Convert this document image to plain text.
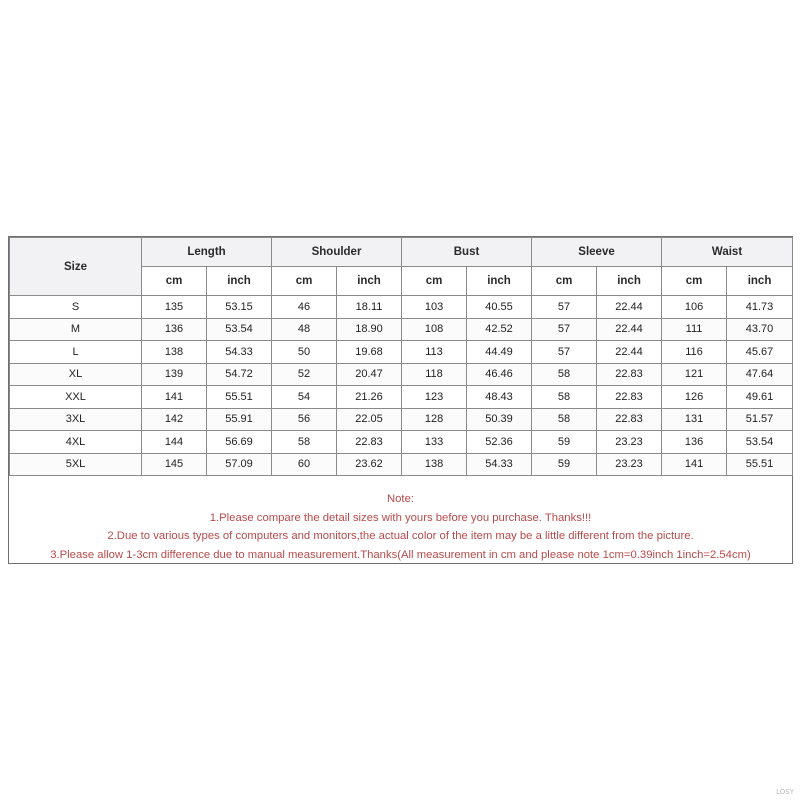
Size	Length		Shoulder		Bust		Sleeve		Waist	
	cm	inch	cm	inch	cm	inch	cm	inch	cm	inch
S	135	53.15	46	18.11	103	40.55	57	22.44	106	41.73
M	136	53.54	48	18.90	108	42.52	57	22.44	111	43.70
L	138	54.33	50	19.68	113	44.49	57	22.44	116	45.67
XL	139	54.72	52	20.47	118	46.46	58	22.83	121	47.64
XXL	141	55.51	54	21.26	123	48.43	58	22.83	126	49.61
3XL	142	55.91	56	22.05	128	50.39	58	22.83	131	51.57
4XL	144	56.69	58	22.83	133	52.36	59	23.23	136	53.54
5XL	145	57.09	60	23.62	138	54.33	59	23.23	141	55.51
Note:
1.Please compare the detail sizes with yours before you purchase. Thanks!!!
2.Due to various types of computers and monitors,the actual color of the item may be a little different from the picture.
3.Please allow 1-3cm difference due to manual measurement.Thanks(All measurement in cm and please note 1cm=0.39inch 1inch=2.54cm)
LOSY
